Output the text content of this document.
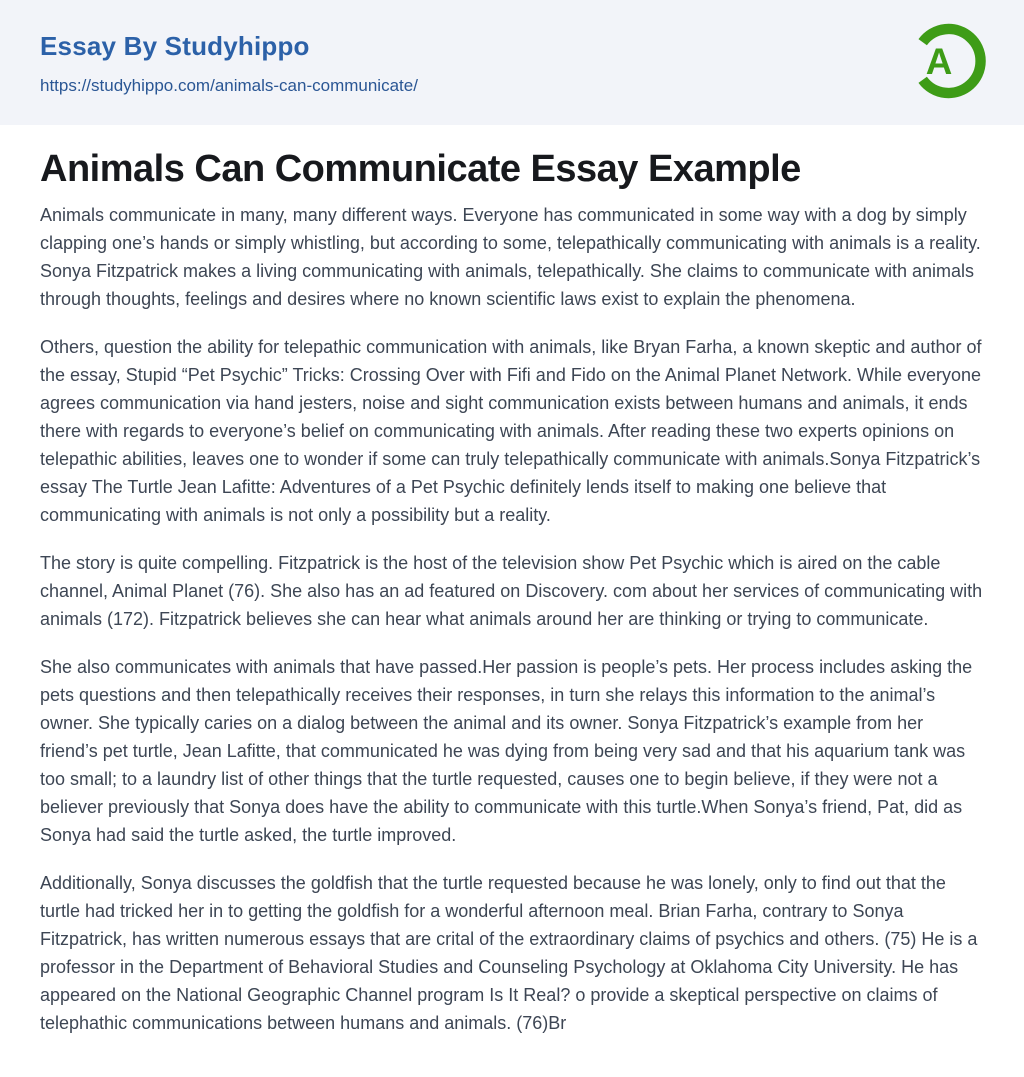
Essay By Studyhippo
https://studyhippo.com/animals-can-communicate/
A
Animals Can Communicate Essay Example

Animals communicate in many, many different ways. Everyone has communicated in some way with a dog by simply clapping one’s hands or simply whistling, but according to some, telepathically communicating with animals is a reality. Sonya Fitzpatrick makes a living communicating with animals, telepathically. She claims to communicate with animals through thoughts, feelings and desires where no known scientific laws exist to explain the phenomena.

Others, question the ability for telepathic communication with animals, like Bryan Farha, a known skeptic and author of the essay, Stupid “Pet Psychic” Tricks: Crossing Over with Fifi and Fido on the Animal Planet Network. While everyone agrees communication via hand jesters, noise and sight communication exists between humans and animals, it ends there with regards to everyone’s belief on communicating with animals. After reading these two experts opinions on telepathic abilities, leaves one to wonder if some can truly telepathically communicate with animals.Sonya Fitzpatrick’s essay The Turtle Jean Lafitte: Adventures of a Pet Psychic definitely lends itself to making one believe that communicating with animals is not only a possibility but a reality.

The story is quite compelling. Fitzpatrick is the host of the television show Pet Psychic which is aired on the cable channel, Animal Planet (76). She also has an ad featured on Discovery. com about her services of communicating with animals (172). Fitzpatrick believes she can hear what animals around her are thinking or trying to communicate.

She also communicates with animals that have passed.Her passion is people’s pets. Her process includes asking the pets questions and then telepathically receives their responses, in turn she relays this information to the animal’s owner. She typically caries on a dialog between the animal and its owner. Sonya Fitzpatrick’s example from her friend’s pet turtle, Jean Lafitte, that communicated he was dying from being very sad and that his aquarium tank was too small; to a laundry list of other things that the turtle requested, causes one to begin believe, if they were not a believer previously that Sonya does have the ability to communicate with this turtle.When Sonya’s friend, Pat, did as Sonya had said the turtle asked, the turtle improved.

Additionally, Sonya discusses the goldfish that the turtle requested because he was lonely, only to find out that the turtle had tricked her in to getting the goldfish for a wonderful afternoon meal. Brian Farha, contrary to Sonya Fitzpatrick, has written numerous essays that are crital of the extraordinary claims of psychics and others. (75) He is a professor in the Department of Behavioral Studies and Counseling Psychology at Oklahoma City University. He has appeared on the National Geographic Channel program Is It Real? o provide a skeptical perspective on claims of telephathic communications between humans and animals. (76)Br
